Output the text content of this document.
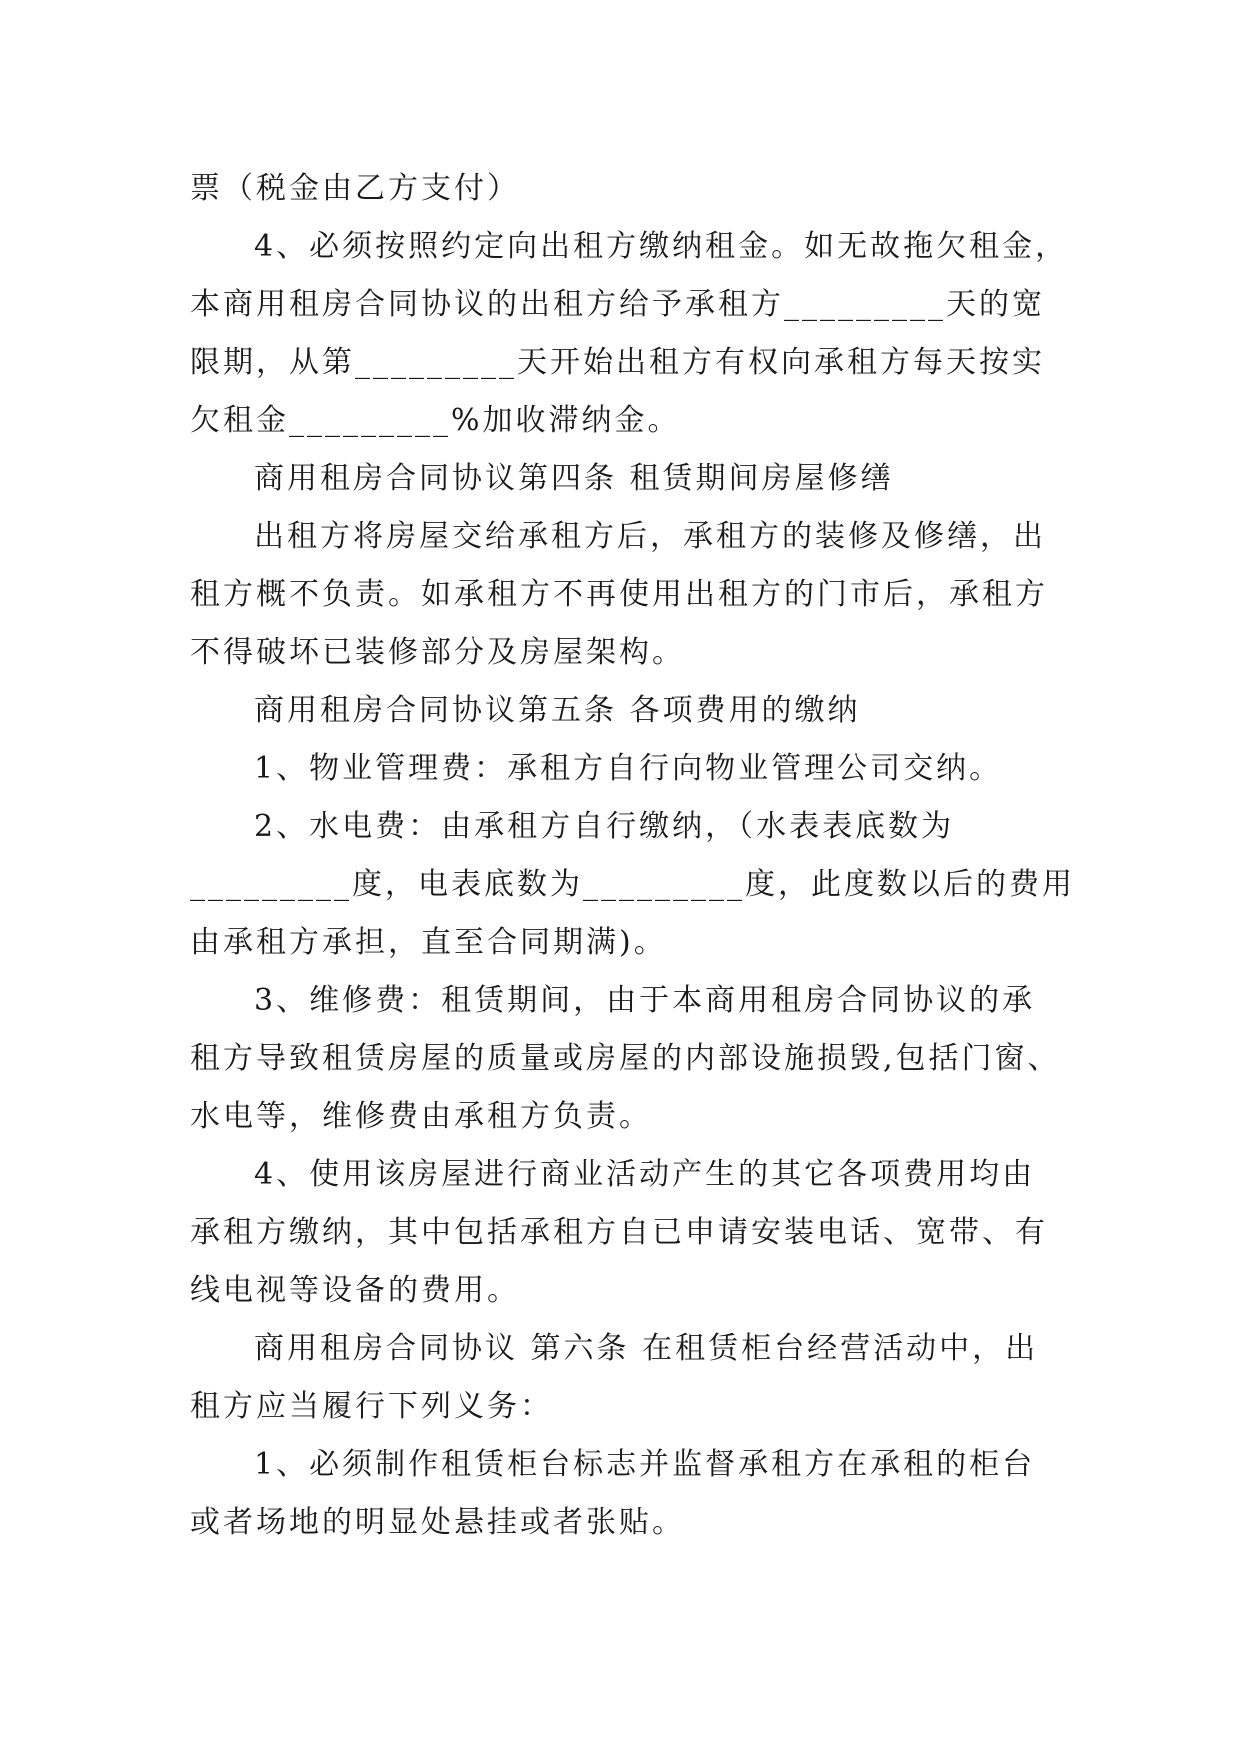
票（税金由乙方支付）
4、必须按照约定向出租方缴纳租金。如无故拖欠租金，
本商用租房合同协议的出租方给予承租方_________天的宽
限期，从第_________天开始出租方有权向承租方每天按实
欠租金_________%加收滞纳金。
商用租房合同协议第四条 租赁期间房屋修缮
出租方将房屋交给承租方后，承租方的装修及修缮，出
租方概不负责。如承租方不再使用出租方的门市后，承租方
不得破坏已装修部分及房屋架构。
商用租房合同协议第五条 各项费用的缴纳
1、物业管理费：承租方自行向物业管理公司交纳。
2、水电费：由承租方自行缴纳，（水表表底数为
_________度，电表底数为_________度，此度数以后的费用
由承租方承担，直至合同期满)。
3、维修费：租赁期间，由于本商用租房合同协议的承
租方导致租赁房屋的质量或房屋的内部设施损毁,包括门窗、
水电等，维修费由承租方负责。
4、使用该房屋进行商业活动产生的其它各项费用均由
承租方缴纳，其中包括承租方自已申请安装电话、宽带、有
线电视等设备的费用。
商用租房合同协议 第六条 在租赁柜台经营活动中，出
租方应当履行下列义务：
1、必须制作租赁柜台标志并监督承租方在承租的柜台
或者场地的明显处悬挂或者张贴。
